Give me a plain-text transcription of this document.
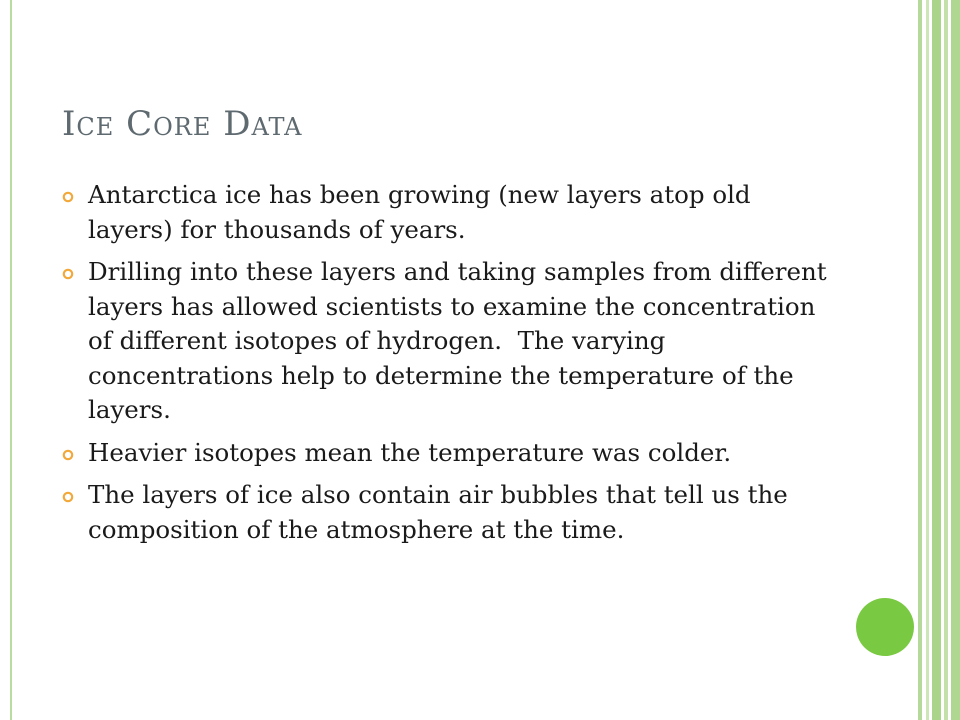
Ice Core Data
Antarctica ice has been growing (new layers atop old layers) for thousands of years.
Drilling into these layers and taking samples from different layers has allowed scientists to examine the concentration of different isotopes of hydrogen.  The varying concentrations help to determine the temperature of the layers.
Heavier isotopes mean the temperature was colder.
The layers of ice also contain air bubbles that tell us the composition of the atmosphere at the time.
